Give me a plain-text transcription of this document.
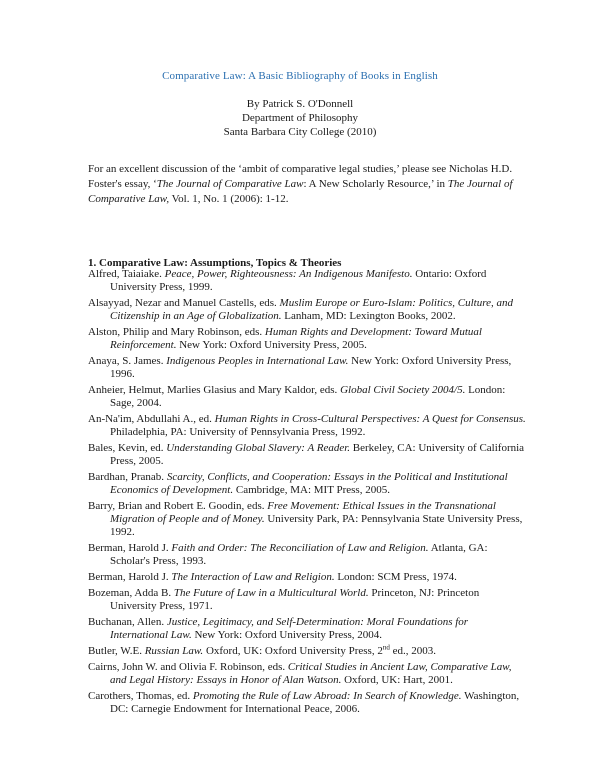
Comparative Law: A Basic Bibliography of Books in English
By Patrick S. O'Donnell
Department of Philosophy
Santa Barbara City College (2010)
For an excellent discussion of the ‘ambit of comparative legal studies,’ please see Nicholas H.D. Foster's essay, ‘The Journal of Comparative Law: A New Scholarly Resource,’ in The Journal of Comparative Law, Vol. 1, No. 1 (2006): 1-12.
1. Comparative Law: Assumptions, Topics & Theories
Alfred, Taiaiake. Peace, Power, Righteousness: An Indigenous Manifesto. Ontario: Oxford University Press, 1999.
Alsayyad, Nezar and Manuel Castells, eds. Muslim Europe or Euro-Islam: Politics, Culture, and Citizenship in an Age of Globalization. Lanham, MD: Lexington Books, 2002.
Alston, Philip and Mary Robinson, eds. Human Rights and Development: Toward Mutual Reinforcement. New York: Oxford University Press, 2005.
Anaya, S. James. Indigenous Peoples in International Law. New York: Oxford University Press, 1996.
Anheier, Helmut, Marlies Glasius and Mary Kaldor, eds. Global Civil Society 2004/5. London: Sage, 2004.
An-Na'im, Abdullahi A., ed. Human Rights in Cross-Cultural Perspectives: A Quest for Consensus. Philadelphia, PA: University of Pennsylvania Press, 1992.
Bales, Kevin, ed. Understanding Global Slavery: A Reader. Berkeley, CA: University of California Press, 2005.
Bardhan, Pranab. Scarcity, Conflicts, and Cooperation: Essays in the Political and Institutional Economics of Development. Cambridge, MA: MIT Press, 2005.
Barry, Brian and Robert E. Goodin, eds. Free Movement: Ethical Issues in the Transnational Migration of People and of Money. University Park, PA: Pennsylvania State University Press, 1992.
Berman, Harold J. Faith and Order: The Reconciliation of Law and Religion. Atlanta, GA: Scholar's Press, 1993.
Berman, Harold J. The Interaction of Law and Religion. London: SCM Press, 1974.
Bozeman, Adda B. The Future of Law in a Multicultural World. Princeton, NJ: Princeton University Press, 1971.
Buchanan, Allen. Justice, Legitimacy, and Self-Determination: Moral Foundations for International Law. New York: Oxford University Press, 2004.
Butler, W.E. Russian Law. Oxford, UK: Oxford University Press, 2nd ed., 2003.
Cairns, John W. and Olivia F. Robinson, eds. Critical Studies in Ancient Law, Comparative Law, and Legal History: Essays in Honor of Alan Watson. Oxford, UK: Hart, 2001.
Carothers, Thomas, ed. Promoting the Rule of Law Abroad: In Search of Knowledge. Washington, DC: Carnegie Endowment for International Peace, 2006.
